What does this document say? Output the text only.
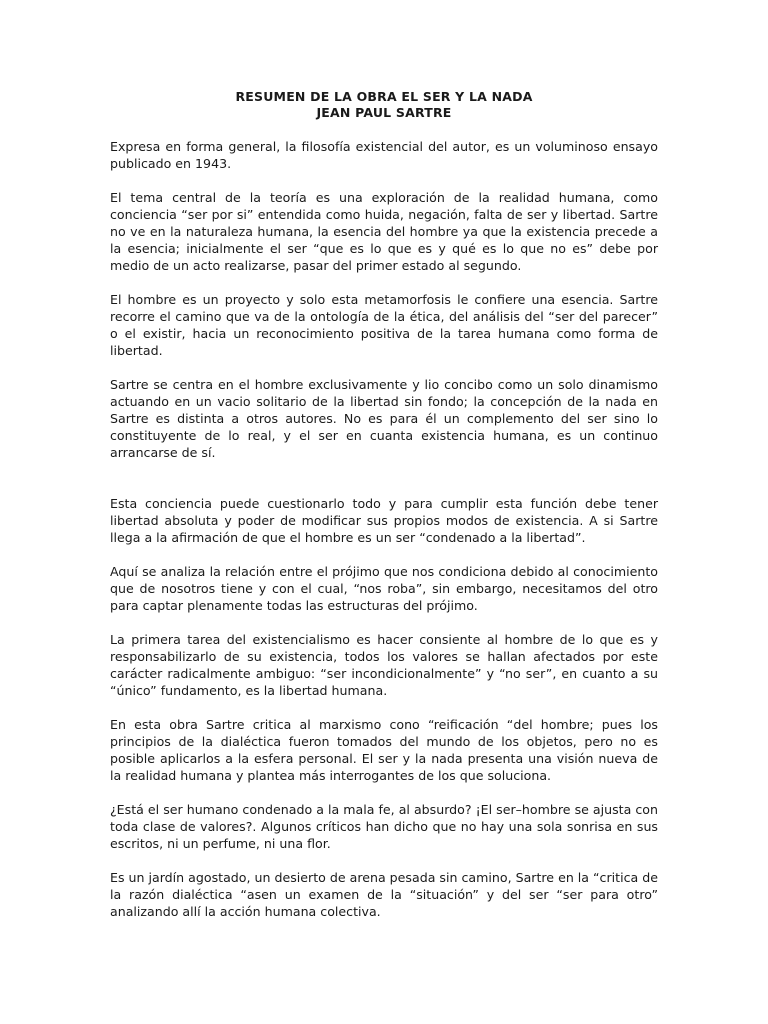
RESUMEN DE LA OBRA EL SER Y LA NADA
JEAN PAUL SARTRE

Expresa en forma general, la filosofía existencial del autor, es un voluminoso ensayo publicado en 1943.

El tema central de la teoría es una exploración de la realidad humana, como conciencia “ser por si” entendida como huida, negación, falta de ser y libertad. Sartre no ve en la naturaleza humana, la esencia del hombre ya que la existencia precede a la esencia; inicialmente el ser “que es lo que es y qué es lo que no es” debe por medio de un acto realizarse, pasar del primer estado al segundo.

El hombre es un proyecto y solo esta metamorfosis le confiere una esencia. Sartre recorre el camino que va de la ontología de la ética, del análisis del “ser del parecer” o el existir, hacia un reconocimiento positiva de la tarea humana como forma de libertad.

Sartre se centra en el hombre exclusivamente y lio concibo como un solo dinamismo actuando en un vacio solitario de la libertad sin fondo; la concepción de la nada en Sartre es distinta a otros autores. No es para él un complemento del ser sino lo constituyente de lo real, y el ser en cuanta existencia humana, es un continuo arrancarse de sí.

Esta conciencia puede cuestionarlo todo y para cumplir esta función debe tener libertad absoluta y poder de modificar sus propios modos de existencia. A si Sartre llega a la afirmación de que el hombre es un ser “condenado a la libertad”.

Aquí se analiza la relación entre el prójimo que nos condiciona debido al conocimiento que de nosotros tiene y con el cual, “nos roba”, sin embargo, necesitamos del otro para captar plenamente todas las estructuras del prójimo.

La primera tarea del existencialismo es hacer consiente al hombre de lo que es y responsabilizarlo de su existencia, todos los valores se hallan afectados por este carácter radicalmente ambiguo: “ser incondicionalmente” y “no ser”, en cuanto a su “único” fundamento, es la libertad humana.

En esta obra Sartre critica al marxismo cono “reificación “del hombre; pues los principios de la dialéctica fueron tomados del mundo de los objetos, pero no es posible aplicarlos a la esfera personal. El ser y la nada presenta una visión nueva de la realidad humana y plantea más interrogantes de los que soluciona.

¿Está el ser humano condenado a la mala fe, al absurdo? ¡El ser–hombre se ajusta con toda clase de valores?. Algunos críticos han dicho que no hay una sola sonrisa en sus escritos, ni un perfume, ni una flor.

Es un jardín agostado, un desierto de arena pesada sin camino, Sartre en la “critica de la razón dialéctica “asen un examen de la “situación” y del ser “ser para otro” analizando allí la acción humana colectiva.
